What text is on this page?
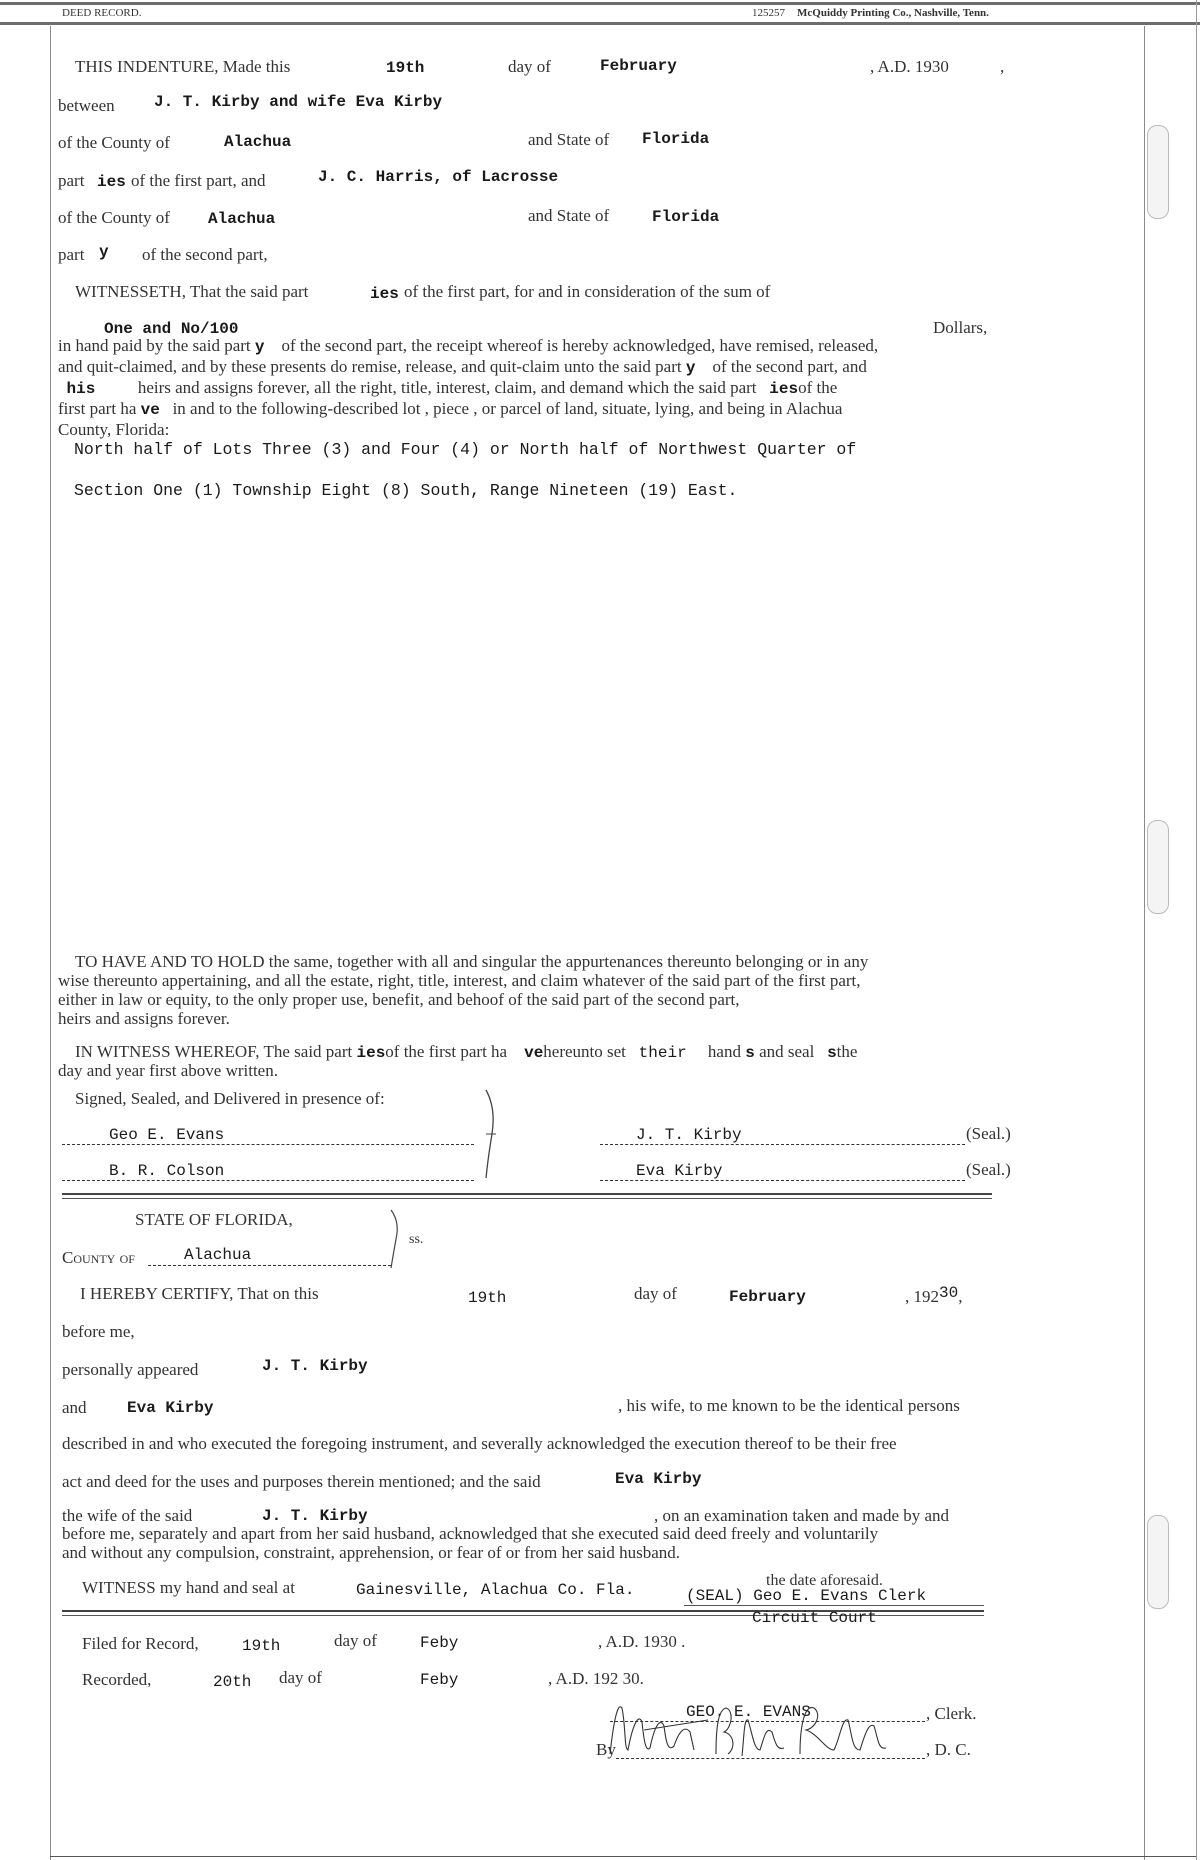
DEED RECORD.	125257 McQuiddy Printing Co., Nashville, Tenn.
THIS INDENTURE, Made this	19th	day of	February	, A.D. 1930	,
between J. T. Kirby and wife Eva Kirby
of the County of	Alachua	and State of Florida
part ies of the first part, and	J. C. Harris, of Lacrosse
of the County of Alachua	and State of	Florida
part y of the second part,
WITNESSETH, That the said part	ies of the first part, for and in consideration of the sum of
One and No/100	Dollars,
in hand paid by the said part y of the second part, the receipt whereof is hereby acknowledged, have remised, released,
and quit-claimed, and by these presents do remise, release, and quit-claim unto the said part y of the second part, and
his	heirs and assigns forever, all the right, title, interest, claim, and demand which the said part iesof the
first part ha ve in and to the following-described lot , piece , or parcel of land, situate, lying, and being in Alachua
County, Florida:
North half of Lots Three (3) and Four (4) or North half of Northwest Quarter of
Section One (1) Township Eight (8) South, Range Nineteen (19) East.
TO HAVE AND TO HOLD the same, together with all and singular the appurtenances thereunto belonging or in any
wise thereunto appertaining, and all the estate, right, title, interest, and claim whatever of the said part of the first part,
either in law or equity, to the only proper use, benefit, and behoof of the said part of the second part,
heirs and assigns forever.
IN WITNESS WHEREOF, The said part iesof the first part ha vehereunto set their hand s and seal sthe
day and year first above written.
Signed, Sealed, and Delivered in presence of:
Geo E. Evans
B. R. Colson
J. T. Kirby	(Seal.)
Eva Kirby	(Seal.)
STATE OF FLORIDA,
County of	Alachua
ss.
I HEREBY CERTIFY, That on this	19th	day of	February	, 19230,
before me,
personally appeared	J. T. Kirby
and	Eva Kirby	, his wife, to me known to be the identical persons
described in and who executed the foregoing instrument, and severally acknowledged the execution thereof to be their free
act and deed for the uses and purposes therein mentioned; and the said	Eva Kirby
the wife of the said	J. T. Kirby	, on an examination taken and made by and
before me, separately and apart from her said husband, acknowledged that she executed said deed freely and voluntarily
and without any compulsion, constraint, apprehension, or fear of or from her said husband.
WITNESS my hand and seal at	Gainesville, Alachua Co. Fla.
the date aforesaid.
(SEAL) Geo E. Evans Clerk
Circuit Court
Filed for Record,	19th	day of	Feby	, A.D. 1930 .
Recorded,	20th day of	Feby	, A.D. 192 30.
GEO. E. EVANS	, Clerk.
By	, D. C.
